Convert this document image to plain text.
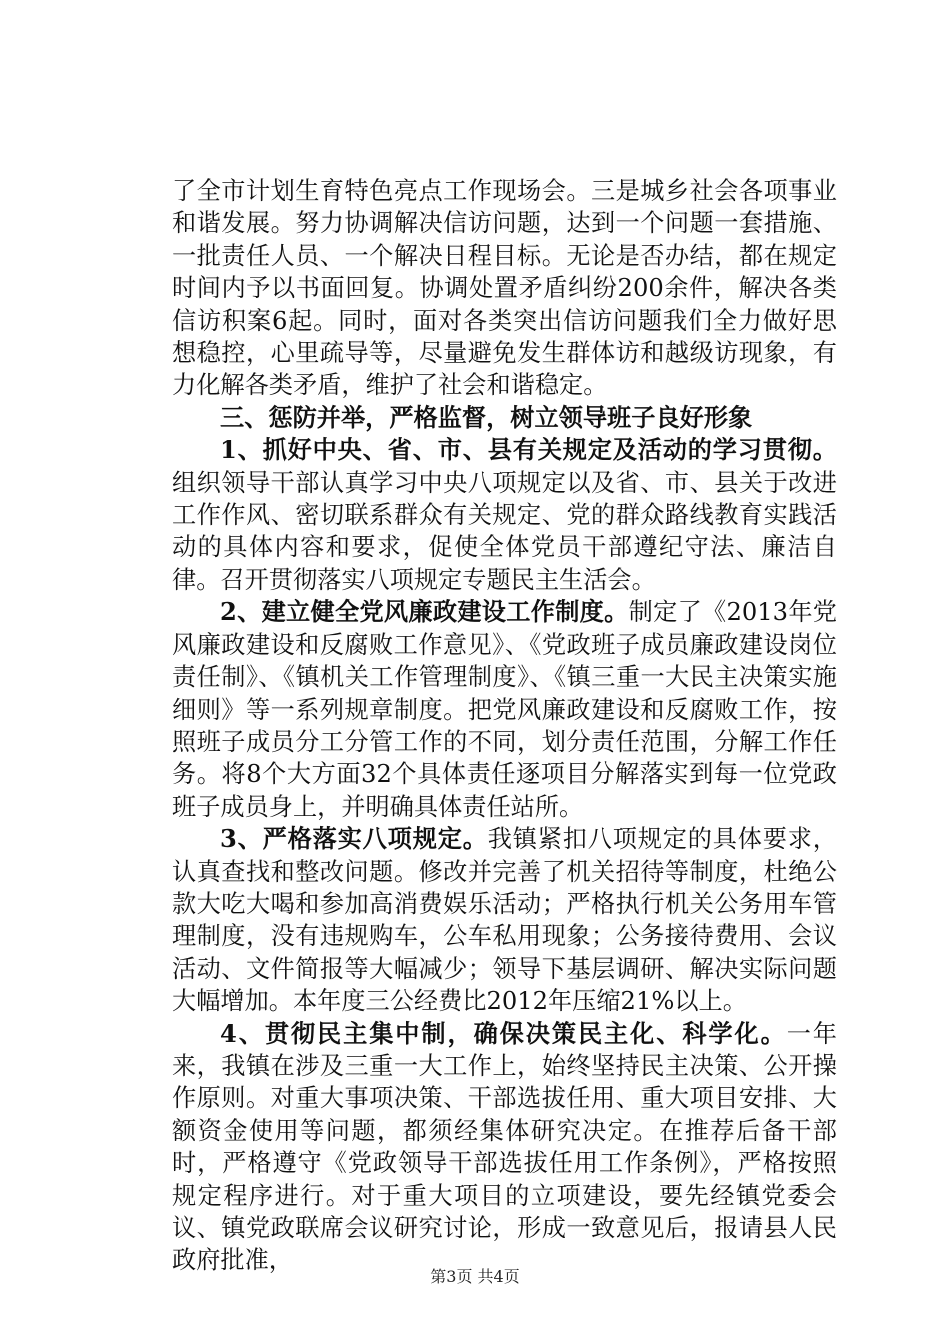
了全市计划生育特色亮点工作现场会。三是城乡社会各项事业和谐发展。努力协调解决信访问题，达到一个问题一套措施、一批责任人员、一个解决日程目标。无论是否办结，都在规定时间内予以书面回复。协调处置矛盾纠纷200余件，解决各类信访积案6起。同时，面对各类突出信访问题我们全力做好思想稳控，心里疏导等，尽量避免发生群体访和越级访现象，有力化解各类矛盾，维护了社会和谐稳定。

三、惩防并举，严格监督，树立领导班子良好形象

1、抓好中央、省、市、县有关规定及活动的学习贯彻。组织领导干部认真学习中央八项规定以及省、市、县关于改进工作作风、密切联系群众有关规定、党的群众路线教育实践活动的具体内容和要求，促使全体党员干部遵纪守法、廉洁自律。召开贯彻落实八项规定专题民主生活会。

2、建立健全党风廉政建设工作制度。制定了《2013年党风廉政建设和反腐败工作意见》、《党政班子成员廉政建设岗位责任制》、《镇机关工作管理制度》、《镇三重一大民主决策实施细则》等一系列规章制度。把党风廉政建设和反腐败工作，按照班子成员分工分管工作的不同，划分责任范围，分解工作任务。将8个大方面32个具体责任逐项目分解落实到每一位党政班子成员身上，并明确具体责任站所。

3、严格落实八项规定。我镇紧扣八项规定的具体要求，认真查找和整改问题。修改并完善了机关招待等制度，杜绝公款大吃大喝和参加高消费娱乐活动；严格执行机关公务用车管理制度，没有违规购车，公车私用现象；公务接待费用、会议活动、文件简报等大幅减少；领导下基层调研、解决实际问题大幅增加。本年度三公经费比2012年压缩21%以上。

4、贯彻民主集中制，确保决策民主化、科学化。一年来，我镇在涉及三重一大工作上，始终坚持民主决策、公开操作原则。对重大事项决策、干部选拔任用、重大项目安排、大额资金使用等问题，都须经集体研究决定。在推荐后备干部时，严格遵守《党政领导干部选拔任用工作条例》，严格按照规定程序进行。对于重大项目的立项建设，要先经镇党委会议、镇党政联席会议研究讨论，形成一致意见后，报请县人民政府批准，

第3页 共4页
